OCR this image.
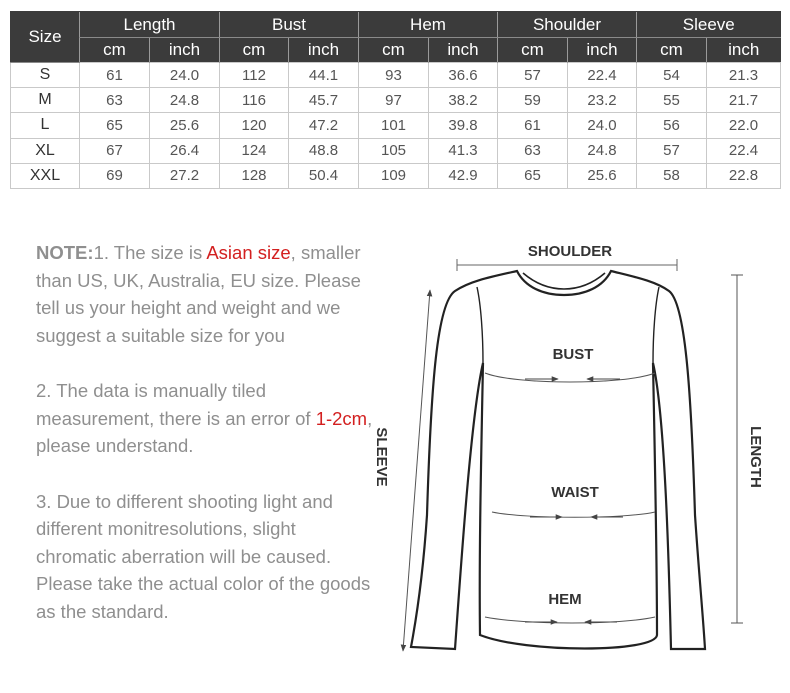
Size	Length		Bust		Hem		Shoulder		Sleeve	
	cm	inch	cm	inch	cm	inch	cm	inch	cm	inch
S	61	24.0	112	44.1	93	36.6	57	22.4	54	21.3
M	63	24.8	116	45.7	97	38.2	59	23.2	55	21.7
L	65	25.6	120	47.2	101	39.8	61	24.0	56	22.0
XL	67	26.4	124	48.8	105	41.3	63	24.8	57	22.4
XXL	69	27.2	128	50.4	109	42.9	65	25.6	58	22.8

NOTE:1. The size is Asian size, smaller than US, UK, Australia, EU size. Please tell us your height and weight and we suggest a suitable size for you

2. The data is manually tiled measurement, there is an error of 1-2cm, please understand.

3. Due to different shooting light and different monitresolutions, slight chromatic aberration will be caused. Please take the actual color of the goods as the standard.

SHOULDER
BUST
WAIST
HEM
SLEEVE	LENGTH
